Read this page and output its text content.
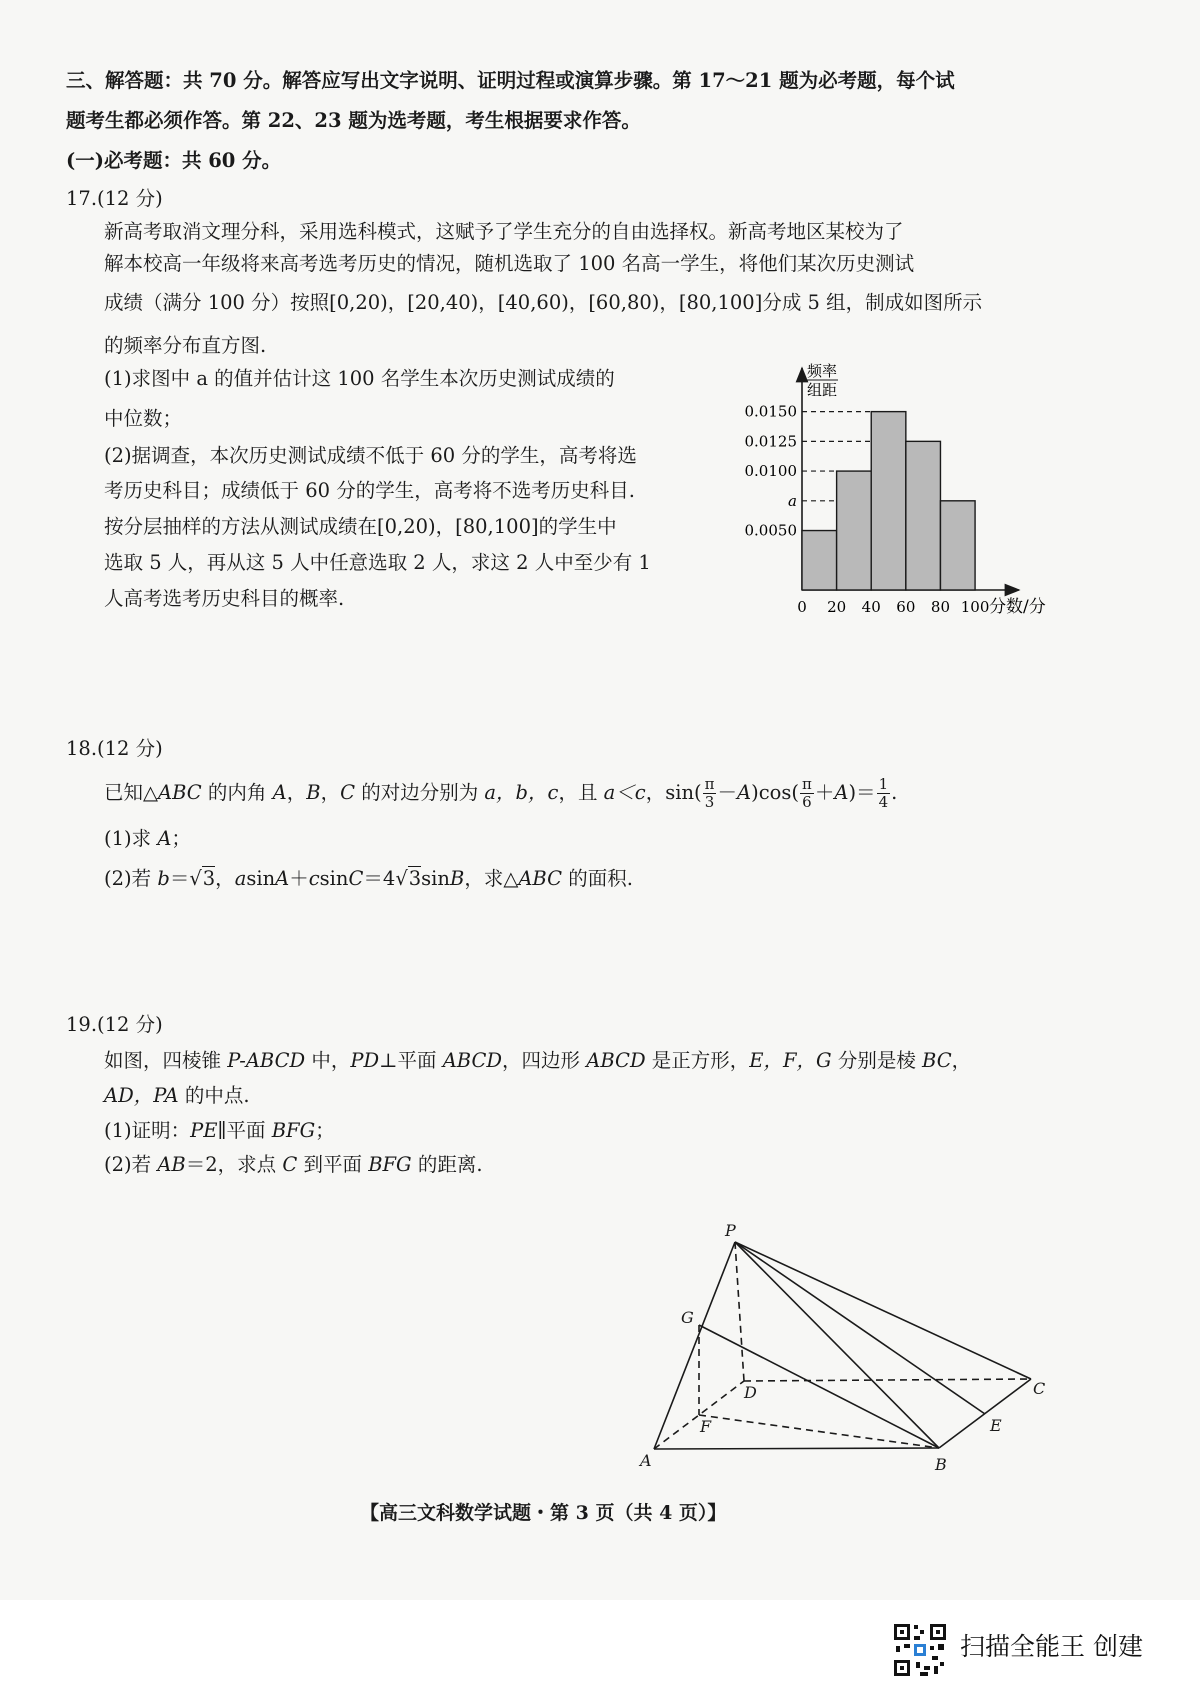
三、解答题：共 70 分。解答应写出文字说明、证明过程或演算步骤。第 17～21 题为必考题，每个试
题考生都必须作答。第 22、23 题为选考题，考生根据要求作答。
(一)必考题：共 60 分。
17.(12 分)
新高考取消文理分科，采用选科模式，这赋予了学生充分的自由选择权。新高考地区某校为了
解本校高一年级将来高考选考历史的情况，随机选取了 100 名高一学生，将他们某次历史测试
成绩（满分 100 分）按照[0,20)，[20,40)，[40,60)，[60,80)，[80,100]分成 5 组，制成如图所示
的频率分布直方图.
(1)求图中 a 的值并估计这 100 名学生本次历史测试成绩的
中位数；
(2)据调查，本次历史测试成绩不低于 60 分的学生，高考将选
考历史科目；成绩低于 60 分的学生，高考将不选考历史科目.
按分层抽样的方法从测试成绩在[0,20)，[80,100]的学生中
选取 5 人，再从这 5 人中任意选取 2 人，求这 2 人中至少有 1
人高考选考历史科目的概率.
0.0050
a
0.0100
0.0125
0.0150
0 20 40 60 80 100
频率
组距
分数/分
18.(12 分)
已知△ABC 的内角 A，B，C 的对边分别为 a，b，c，且 a＜c，$\sin( \frac{\pi}{3} -A)\cos( \frac{\pi}{6} +A)= \frac{1}{4}$ .
(1)求 A；
(2)若 b＝√3，asinA＋csinC＝4√3sinB，求△ABC 的面积.
19.(12 分)
如图，四棱锥 P-ABCD 中，PD⊥平面 ABCD，四边形 ABCD 是正方形，E，F，G 分别是棱 BC，
AD，PA 的中点.
(1)证明：PE∥平面 BFG；
(2)若 AB＝2，求点 C 到平面 BFG 的距离.
P
G
D	C
F	E
A	B
【高三文科数学试题・第 3 页（共 4 页）】
扫描全能王 创建
